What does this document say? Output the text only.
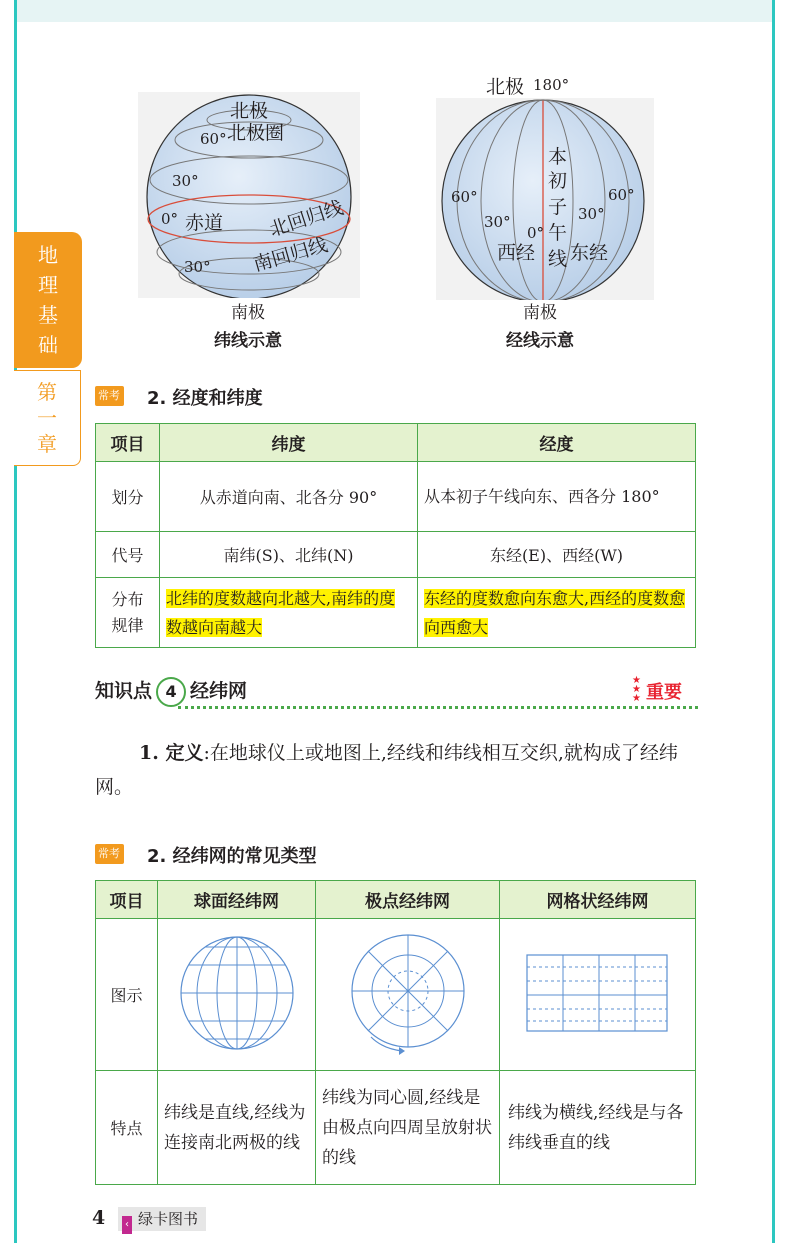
地
理
基
础
第
一
章
北极
北极圈
60°
30°
0° 赤道 北回归线
南回归线
30°
南极
纬线示意
北极 180°
本
初
子
午
线
60°	60°
30°	30°
0°
西经 东经
南极
经线示意
常考 2. 经度和纬度
项目	纬度	经度
划分	从赤道向南、北各分 90°	从本初子午线向东、西各分 180°
代号	南纬(S)、北纬(N)	东经(E)、西经(W)
分布规律	北纬的度数越向北越大,南纬的度数越向南越大	东经的度数愈向东愈大,西经的度数愈向西愈大
知识点 4 经纬网	★
★
★ 重要
1. 定义:在地球仪上或地图上,经线和纬线相互交织,就构成了经纬网。
常考 2. 经纬网的常见类型
项目	球面经纬网	极点经纬网	网格状经纬网
图示			
特点	纬线是直线,经线为连接南北两极的线	纬线为同心圆,经线是由极点向四周呈放射状的线	纬线为横线,经线是与各纬线垂直的线
4	‹ 绿卡图书
